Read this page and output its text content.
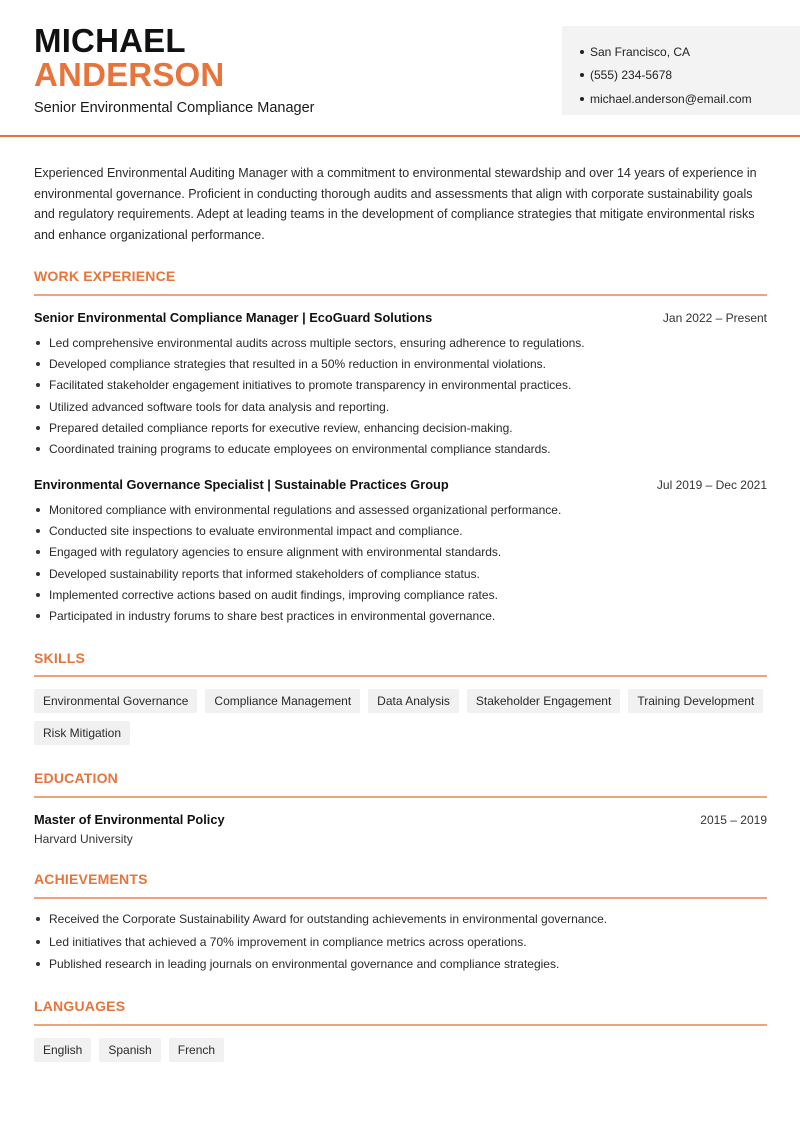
MICHAEL
ANDERSON
Senior Environmental Compliance Manager
San Francisco, CA
(555) 234-5678
michael.anderson@email.com

Experienced Environmental Auditing Manager with a commitment to environmental stewardship and over 14 years of experience in environmental governance. Proficient in conducting thorough audits and assessments that align with corporate sustainability goals and regulatory requirements. Adept at leading teams in the development of compliance strategies that mitigate environmental risks and enhance organizational performance.

WORK EXPERIENCE
Senior Environmental Compliance Manager | EcoGuard Solutions	Jan 2022 – Present
Led comprehensive environmental audits across multiple sectors, ensuring adherence to regulations.
Developed compliance strategies that resulted in a 50% reduction in environmental violations.
Facilitated stakeholder engagement initiatives to promote transparency in environmental practices.
Utilized advanced software tools for data analysis and reporting.
Prepared detailed compliance reports for executive review, enhancing decision-making.
Coordinated training programs to educate employees on environmental compliance standards.
Environmental Governance Specialist | Sustainable Practices Group	Jul 2019 – Dec 2021
Monitored compliance with environmental regulations and assessed organizational performance.
Conducted site inspections to evaluate environmental impact and compliance.
Engaged with regulatory agencies to ensure alignment with environmental standards.
Developed sustainability reports that informed stakeholders of compliance status.
Implemented corrective actions based on audit findings, improving compliance rates.
Participated in industry forums to share best practices in environmental governance.
SKILLS
Environmental Governance	Compliance Management	Data Analysis	Stakeholder Engagement	Training Development
Risk Mitigation
EDUCATION
Master of Environmental Policy	2015 – 2019
Harvard University
ACHIEVEMENTS
Received the Corporate Sustainability Award for outstanding achievements in environmental governance.
Led initiatives that achieved a 70% improvement in compliance metrics across operations.
Published research in leading journals on environmental governance and compliance strategies.
LANGUAGES
English	Spanish	French
